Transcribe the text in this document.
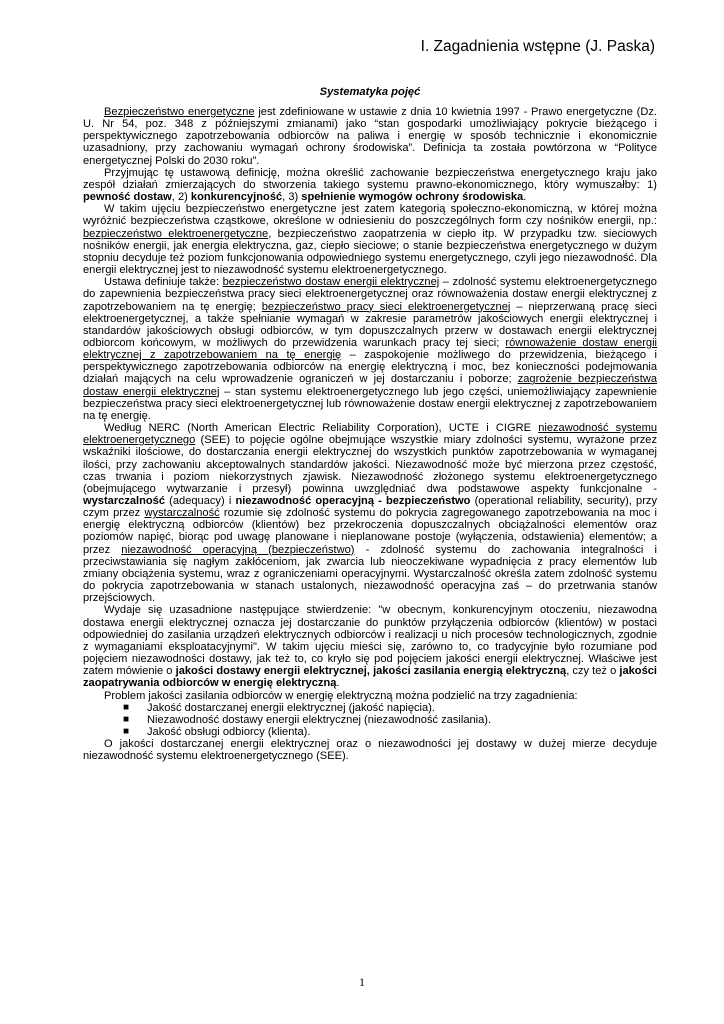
I. Zagadnienia wstępne (J. Paska)
Systematyka pojęć

Bezpieczeństwo energetyczne jest zdefiniowane w ustawie z dnia 10 kwietnia 1997 - Prawo energetyczne (Dz. U. Nr 54, poz. 348 z późniejszymi zmianami) jako “stan gospodarki umożliwiający pokrycie bieżącego i perspektywicznego zapotrzebowania odbiorców na paliwa i energię w sposób technicznie i ekonomicznie uzasadniony, przy zachowaniu wymagań ochrony środowiska”. Definicja ta została powtórzona w “Polityce energetycznej Polski do 2030 roku”.

Przyjmując tę ustawową definicję, można określić zachowanie bezpieczeństwa energetycznego kraju jako zespół działań zmierzających do stworzenia takiego systemu prawno-ekonomicznego, który wymuszałby: 1) pewność dostaw, 2) konkurencyjność, 3) spełnienie wymogów ochrony środowiska.

W takim ujęciu bezpieczeństwo energetyczne jest zatem kategorią społeczno-ekonomiczną, w której można wyróżnić bezpieczeństwa cząstkowe, określone w odniesieniu do poszczególnych form czy nośników energii, np.: bezpieczeństwo elektroenergetyczne, bezpieczeństwo zaopatrzenia w ciepło itp. W przypadku tzw. sieciowych nośników energii, jak energia elektryczna, gaz, ciepło sieciowe; o stanie bezpieczeństwa energetycznego w dużym stopniu decyduje też poziom funkcjonowania odpowiedniego systemu energetycznego, czyli jego niezawodność. Dla energii elektrycznej jest to niezawodność systemu elektroenergetycznego.

Ustawa definiuje także: bezpieczeństwo dostaw energii elektrycznej – zdolność systemu elektroenergetycznego do zapewnienia bezpieczeństwa pracy sieci elektroenergetycznej oraz równoważenia dostaw energii elektrycznej z zapotrzebowaniem na tę energię; bezpieczeństwo pracy sieci elektroenergetycznej – nieprzerwaną pracę sieci elektroenergetycznej, a także spełnianie wymagań w zakresie parametrów jakościowych energii elektrycznej i standardów jakościowych obsługi odbiorców, w tym dopuszczalnych przerw w dostawach energii elektrycznej odbiorcom końcowym, w możliwych do przewidzenia warunkach pracy tej sieci; równoważenie dostaw energii elektrycznej z zapotrzebowaniem na tę energię – zaspokojenie możliwego do przewidzenia, bieżącego i perspektywicznego zapotrzebowania odbiorców na energię elektryczną i moc, bez konieczności podejmowania działań mających na celu wprowadzenie ograniczeń w jej dostarczaniu i poborze; zagrożenie bezpieczeństwa dostaw energii elektrycznej – stan systemu elektroenergetycznego lub jego części, uniemożliwiający zapewnienie bezpieczeństwa pracy sieci elektroenergetycznej lub równoważenie dostaw energii elektrycznej z zapotrzebowaniem na tę energię.

Według NERC (North American Electric Reliability Corporation), UCTE i CIGRE niezawodność systemu elektroenergetycznego (SEE) to pojęcie ogólne obejmujące wszystkie miary zdolności systemu, wyrażone przez wskaźniki ilościowe, do dostarczania energii elektrycznej do wszystkich punktów zapotrzebowania w wymaganej ilości, przy zachowaniu akceptowalnych standardów jakości. Niezawodność może być mierzona przez częstość, czas trwania i poziom niekorzystnych zjawisk. Niezawodność złożonego systemu elektroenergetycznego (obejmującego wytwarzanie i przesył) powinna uwzględniać dwa podstawowe aspekty funkcjonalne - wystarczalność (adequacy) i niezawodność operacyjną - bezpieczeństwo (operational reliability, security), przy czym przez wystarczalność rozumie się zdolność systemu do pokrycia zagregowanego zapotrzebowania na moc i energię elektryczną odbiorców (klientów) bez przekroczenia dopuszczalnych obciążalności elementów oraz poziomów napięć, biorąc pod uwagę planowane i nieplanowane postoje (wyłączenia, odstawienia) elementów; a przez niezawodność operacyjną (bezpieczeństwo) - zdolność systemu do zachowania integralności i przeciwstawiania się nagłym zakłóceniom, jak zwarcia lub nieoczekiwane wypadnięcia z pracy elementów lub zmiany obciążenia systemu, wraz z ograniczeniami operacyjnymi. Wystarczalność określa zatem zdolność systemu do pokrycia zapotrzebowania w stanach ustalonych, niezawodność operacyjna zaś – do przetrwania stanów przejściowych.

Wydaje się uzasadnione następujące stwierdzenie: "w obecnym, konkurencyjnym otoczeniu, niezawodna dostawa energii elektrycznej oznacza jej dostarczanie do punktów przyłączenia odbiorców (klientów) w postaci odpowiedniej do zasilania urządzeń elektrycznych odbiorców i realizacji u nich procesów technologicznych, zgodnie z wymaganiami eksploatacyjnymi". W takim ujęciu mieści się, zarówno to, co tradycyjnie było rozumiane pod pojęciem niezawodności dostawy, jak też to, co kryło się pod pojęciem jakości energii elektrycznej. Właściwe jest zatem mówienie o jakości dostawy energii elektrycznej, jakości zasilania energią elektryczną, czy też o jakości zaopatrywania odbiorców w energię elektryczną.

Problem jakości zasilania odbiorców w energię elektryczną można podzielić na trzy zagadnienia:

■ Jakość dostarczanej energii elektrycznej (jakość napięcia).
■ Niezawodność dostawy energii elektrycznej (niezawodność zasilania).
■ Jakość obsługi odbiorcy (klienta).

O jakości dostarczanej energii elektrycznej oraz o niezawodności jej dostawy w dużej mierze decyduje niezawodność systemu elektroenergetycznego (SEE).

1
